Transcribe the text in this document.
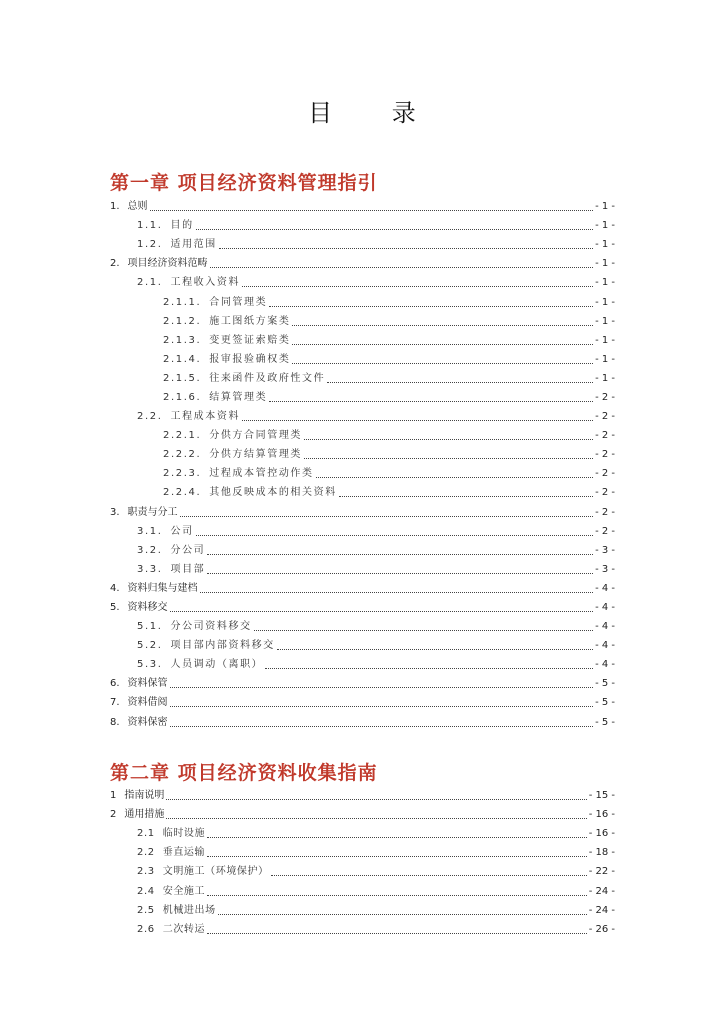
目 录
第一章 项目经济资料管理指引
1. 总则	- 1 -
1.1. 目的	- 1 -
1.2. 适用范围	- 1 -
2. 项目经济资料范畴	- 1 -
2.1. 工程收入资料	- 1 -
2.1.1. 合同管理类	- 1 -
2.1.2. 施工图纸方案类	- 1 -
2.1.3. 变更签证索赔类	- 1 -
2.1.4. 报审报验确权类	- 1 -
2.1.5. 往来函件及政府性文件	- 1 -
2.1.6. 结算管理类	- 2 -
2.2. 工程成本资料	- 2 -
2.2.1. 分供方合同管理类	- 2 -
2.2.2. 分供方结算管理类	- 2 -
2.2.3. 过程成本管控动作类	- 2 -
2.2.4. 其他反映成本的相关资料	- 2 -
3. 职责与分工	- 2 -
3.1. 公司	- 2 -
3.2. 分公司	- 3 -
3.3. 项目部	- 3 -
4. 资料归集与建档	- 4 -
5. 资料移交	- 4 -
5.1. 分公司资料移交	- 4 -
5.2. 项目部内部资料移交	- 4 -
5.3. 人员调动（离职）	- 4 -
6. 资料保管	- 5 -
7. 资料借阅	- 5 -
8. 资料保密	- 5 -
第二章 项目经济资料收集指南
1 指南说明	- 15 -
2 通用措施	- 16 -
2.1 临时设施	- 16 -
2.2 垂直运输	- 18 -
2.3 文明施工（环境保护）	- 22 -
2.4 安全施工	- 24 -
2.5 机械进出场	- 24 -
2.6 二次转运	- 26 -
